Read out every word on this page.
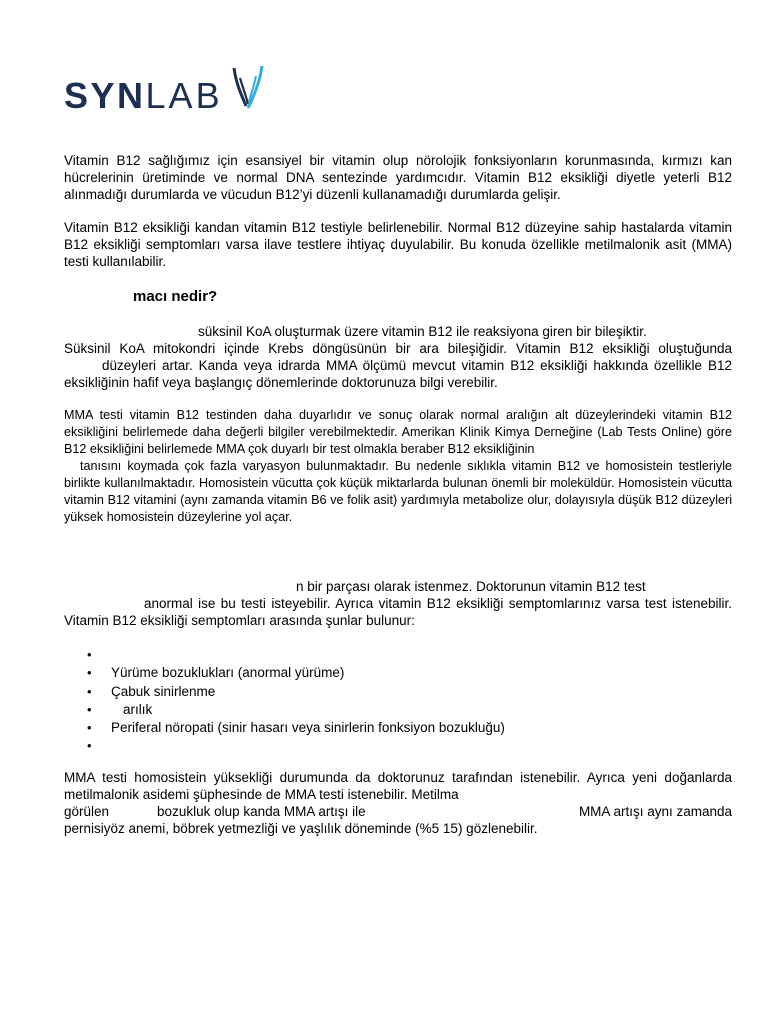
SYNLAB

Vitamin B12 sağlığımız için esansiyel bir vitamin olup nörolojik fonksiyonların korunmasında, kırmızı kan hücrelerinin üretiminde ve normal DNA sentezinde yardımcıdır. Vitamin B12 eksikliği diyetle yeterli B12 alınmadığı durumlarda ve vücudun B12’yi düzenli kullanamadığı durumlarda gelişir.

Vitamin B12 eksikliği kandan vitamin B12 testiyle belirlenebilir. Normal B12 düzeyine sahip hastalarda vitamin B12 eksikliği semptomları varsa ilave testlere ihtiyaç duyulabilir. Bu konuda özellikle metilmalonik asit (MMA) testi kullanılabilir.

macı nedir?

süksinil KoA oluşturmak üzere vitamin B12 ile reaksiyona giren bir bileşiktir.
Süksinil KoA mitokondri içinde Krebs döngüsünün bir ara bileşiğidir. Vitamin B12 eksikliği oluştuğunda düzeyleri artar. Kanda veya idrarda MMA ölçümü mevcut vitamin B12 eksikliği hakkında özellikle B12 eksikliğinin hafif veya başlangıç dönemlerinde doktorunuza bilgi verebilir.

MMA testi vitamin B12 testinden daha duyarlıdır ve sonuç olarak normal aralığın alt düzeylerindeki vitamin B12 eksikliğini belirlemede daha değerli bilgiler verebilmektedir. Amerikan Klinik Kimya Derneğine (Lab Tests Online) göre B12 eksikliğini belirlemede MMA çok duyarlı bir test olmakla beraber B12 eksikliğinin
tanısını koymada çok fazla varyasyon bulunmaktadır. Bu nedenle sıklıkla vitamin B12 ve homosistein testleriyle birlikte kullanılmaktadır. Homosistein vücutta çok küçük miktarlarda bulunan önemli bir moleküldür. Homosistein vücutta vitamin B12 vitamini (aynı zamanda vitamin B6 ve folik asit) yardımıyla metabolize olur, dolayısıyla düşük B12 düzeyleri yüksek homosistein düzeylerine yol açar.

n bir parçası olarak istenmez. Doktorunun vitamin B12 test
anormal ise bu testi isteyebilir. Ayrıca vitamin B12 eksikliği semptomlarınız varsa test istenebilir. Vitamin B12 eksikliği semptomları arasında şunlar bulunur:

•
• Yürüme bozuklukları (anormal yürüme)
• Çabuk sinirlenme
• arılık
• Periferal nöropati (sinir hasarı veya sinirlerin fonksiyon bozukluğu)
•

MMA testi homosistein yüksekliği durumunda da doktorunuz tarafından istenebilir. Ayrıca yeni doğanlarda metilmalonik asidemi şüphesinde de MMA testi istenebilir. Metilma
görülen	bozukluk olup kanda MMA artışı ile	MMA artışı aynı zamanda
pernisiyöz anemi, böbrek yetmezliği ve yaşlılık döneminde (%5 15) gözlenebilir.
